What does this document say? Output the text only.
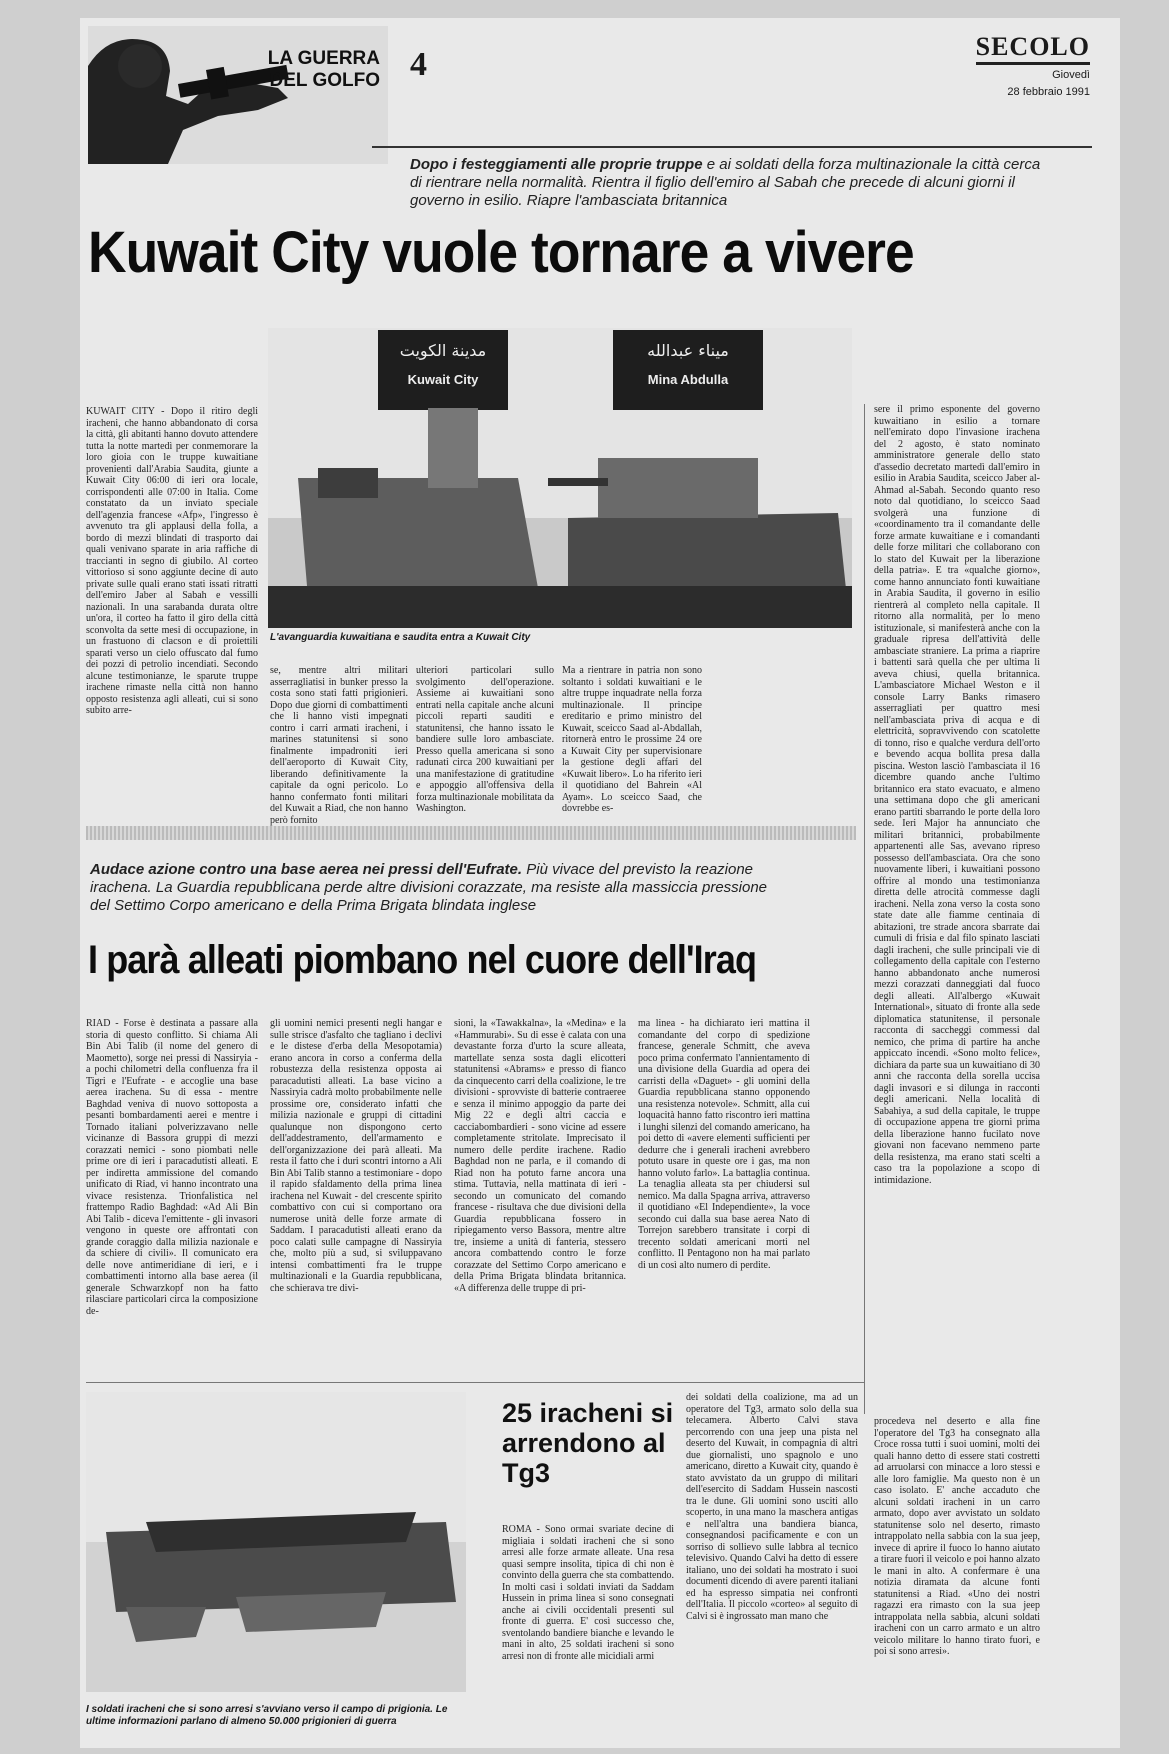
LA GUERRA DEL GOLFO 4	SECOLO
Giovedì
28 febbraio 1991
Dopo i festeggiamenti alle proprie truppe e ai soldati della forza multinazionale la città cerca di rientrare nella normalità. Rientra il figlio dell'emiro al Sabah che precede di alcuni giorni il governo in esilio. Riapre l'ambasciata britannica
Kuwait City vuole tornare a vivere
مدينة الكويت
Kuwait City
ميناء عبدالله
Mina Abdulla
L'avanguardia kuwaitiana e saudita entra a Kuwait City
KUWAIT CITY - Dopo il ritiro degli iracheni, che hanno abbandonato di corsa la città, gli abitanti hanno dovuto attendere tutta la notte martedì per conmemorare la loro gioia con le truppe kuwaitiane provenienti dall'Arabia Saudita, giunte a Kuwait City 06:00 di ieri ora locale, corrispondenti alle 07:00 in Italia. Come constatato da un inviato speciale dell'agenzia francese «Afp», l'ingresso è avvenuto tra gli applausi della folla, a bordo di mezzi blindati di trasporto dai quali venivano sparate in aria raffiche di traccianti in segno di giubilo. Al corteo vittorioso si sono aggiunte decine di auto private sulle quali erano stati issati ritratti dell'emiro Jaber al Sabah e vessilli nazionali. In una sarabanda durata oltre un'ora, il corteo ha fatto il giro della città sconvolta da sette mesi di occupazione, in un frastuono di clacson e di proiettili sparati verso un cielo offuscato dal fumo dei pozzi di petrolio incendiati. Secondo alcune testimonianze, le sparute truppe irachene rimaste nella città non hanno opposto resistenza agli alleati, cui si sono subito arre-
se, mentre altri militari asserragliatisi in bunker presso la costa sono stati fatti prigionieri. Dopo due giorni di combattimenti che li hanno visti impegnati contro i carri armati iracheni, i marines statunitensi si sono finalmente impadroniti ieri dell'aeroporto di Kuwait City, liberando definitivamente la capitale da ogni pericolo. Lo hanno confermato fonti militari del Kuwait a Riad, che non hanno però fornito
ulteriori particolari sullo svolgimento dell'operazione. Assieme ai kuwaitiani sono entrati nella capitale anche alcuni piccoli reparti sauditi e statunitensi, che hanno issato le bandiere sulle loro ambasciate. Presso quella americana si sono radunati circa 200 kuwaitiani per una manifestazione di gratitudine e appoggio all'offensiva della forza multinazionale mobilitata da Washington.
Ma a rientrare in patria non sono soltanto i soldati kuwaitiani e le altre truppe inquadrate nella forza multinazionale. Il principe ereditario e primo ministro del Kuwait, sceicco Saad al-Abdallah, ritornerà entro le prossime 24 ore a Kuwait City per supervisionare la gestione degli affari del «Kuwait libero». Lo ha riferito ieri il quotidiano del Bahrein «Al Ayam». Lo sceicco Saad, che dovrebbe es-
sere il primo esponente del governo kuwaitiano in esilio a tornare nell'emirato dopo l'invasione irachena del 2 agosto, è stato nominato amministratore generale dello stato d'assedio decretato martedì dall'emiro in esilio in Arabia Saudita, sceicco Jaber al-Ahmad al-Sabah. Secondo quanto reso noto dal quotidiano, lo sceicco Saad svolgerà una funzione di «coordinamento tra il comandante delle forze armate kuwaitiane e i comandanti delle forze militari che collaborano con lo stato del Kuwait per la liberazione della patria». E tra «qualche giorno», come hanno annunciato fonti kuwaitiane in Arabia Saudita, il governo in esilio rientrerà al completo nella capitale. Il ritorno alla normalità, per lo meno istituzionale, si manifesterà anche con la graduale ripresa dell'attività delle ambasciate straniere. La prima a riaprire i battenti sarà quella che per ultima li aveva chiusi, quella britannica. L'ambasciatore Michael Weston e il console Larry Banks rimasero asserragliati per quattro mesi nell'ambasciata priva di acqua e di elettricità, sopravvivendo con scatolette di tonno, riso e qualche verdura dell'orto e bevendo acqua bollita presa dalla piscina. Weston lasciò l'ambasciata il 16 dicembre quando anche l'ultimo britannico era stato evacuato, e almeno una settimana dopo che gli americani erano partiti sbarrando le porte della loro sede. Ieri Major ha annunciato che militari britannici, probabilmente appartenenti alle Sas, avevano ripreso possesso dell'ambasciata. Ora che sono nuovamente liberi, i kuwaitiani possono offrire al mondo una testimonianza diretta delle atrocità commesse dagli iracheni. Nella zona verso la costa sono state date alle fiamme centinaia di abitazioni, tre strade ancora sbarrate dai cumuli di frisia e dal filo spinato lasciati dagli iracheni, che sulle principali vie di collegamento della capitale con l'esterno hanno abbandonato anche numerosi mezzi corazzati danneggiati dal fuoco degli alleati. All'albergo «Kuwait International», situato di fronte alla sede diplomatica statunitense, il personale racconta di saccheggi commessi dal nemico, che prima di partire ha anche appiccato incendi. «Sono molto felice», dichiara da parte sua un kuwaitiano di 30 anni che racconta della sorella uccisa dagli invasori e si dilunga in racconti degli americani. Nella località di Sabahiya, a sud della capitale, le truppe di occupazione appena tre giorni prima della liberazione hanno fucilato nove giovani non facevano nemmeno parte della resistenza, ma erano stati scelti a caso tra la popolazione a scopo di intimidazione.
Audace azione contro una base aerea nei pressi dell'Eufrate. Più vivace del previsto la reazione irachena. La Guardia repubblicana perde altre divisioni corazzate, ma resiste alla massiccia pressione del Settimo Corpo americano e della Prima Brigata blindata inglese
I parà alleati piombano nel cuore dell'Iraq
RIAD - Forse è destinata a passare alla storia di questo conflitto. Si chiama Ali Bin Abi Talib (il nome del genero di Maometto), sorge nei pressi di Nassiryia - a pochi chilometri della confluenza fra il Tigri e l'Eufrate - e accoglie una base aerea irachena. Su di essa - mentre Baghdad veniva di nuovo sottoposta a pesanti bombardamenti aerei e mentre i Tornado italiani polverizzavano nelle vicinanze di Bassora gruppi di mezzi corazzati nemici - sono piombati nelle prime ore di ieri i paracadutisti alleati. E per indiretta ammissione del comando unificato di Riad, vi hanno incontrato una vivace resistenza. Trionfalistica nel frattempo Radio Baghdad: «Ad Ali Bin Abi Talib - diceva l'emittente - gli invasori vengono in queste ore affrontati con grande coraggio dalla milizia nazionale e da schiere di civili». Il comunicato era delle nove antimeridiane di ieri, e i combattimenti intorno alla base aerea (il generale Schwarzkopf non ha fatto rilasciare particolari circa la composizione de-
gli uomini nemici presenti negli hangar e sulle strisce d'asfalto che tagliano i declivi e le distese d'erba della Mesopotamia) erano ancora in corso a conferma della robustezza della resistenza opposta ai paracadutisti alleati. La base vicino a Nassiryia cadrà molto probabilmente nelle prossime ore, considerato infatti che milizia nazionale e gruppi di cittadini qualunque non dispongono certo dell'addestramento, dell'armamento e dell'organizzazione dei parà alleati. Ma resta il fatto che i duri scontri intorno a Ali Bin Abi Talib stanno a testimoniare - dopo il rapido sfaldamento della prima linea irachena nel Kuwait - del crescente spirito combattivo con cui si comportano ora numerose unità delle forze armate di Saddam. I paracadutisti alleati erano da poco calati sulle campagne di Nassiryia che, molto più a sud, si sviluppavano intensi combattimenti fra le truppe multinazionali e la Guardia repubblicana, che schierava tre divi-
sioni, la «Tawakkalna», la «Medina» e la «Hammurabi». Su di esse è calata con una devastante forza d'urto la scure alleata, martellate senza sosta dagli elicotteri statunitensi «Abrams» e presso di fianco da cinquecento carri della coalizione, le tre divisioni - sprovviste di batterie contraeree e senza il minimo appoggio da parte dei Mig 22 e degli altri caccia e cacciabombardieri - sono vicine ad essere completamente stritolate. Imprecisato il numero delle perdite irachene. Radio Baghdad non ne parla, e il comando di Riad non ha potuto farne ancora una stima. Tuttavia, nella mattinata di ieri - secondo un comunicato del comando francese - risultava che due divisioni della Guardia repubblicana fossero in ripiegamento verso Bassora, mentre altre tre, insieme a unità di fanteria, stessero ancora combattendo contro le forze corazzate del Settimo Corpo americano e della Prima Brigata blindata britannica. «A differenza delle truppe di pri-
ma linea - ha dichiarato ieri mattina il comandante del corpo di spedizione francese, generale Schmitt, che aveva poco prima confermato l'annientamento di una divisione della Guardia ad opera dei carristi della «Daguet» - gli uomini della Guardia repubblicana stanno opponendo una resistenza notevole». Schmitt, alla cui loquacità hanno fatto riscontro ieri mattina i lunghi silenzi del comando americano, ha poi detto di «avere elementi sufficienti per dedurre che i generali iracheni avrebbero potuto usare in queste ore i gas, ma non hanno voluto farlo». La battaglia continua. La tenaglia alleata sta per chiudersi sul nemico. Ma dalla Spagna arriva, attraverso il quotidiano «El Independiente», la voce secondo cui dalla sua base aerea Nato di Torrejon sarebbero transitate i corpi di trecento soldati americani morti nel conflitto. Il Pentagono non ha mai parlato di un così alto numero di perdite.
I soldati iracheni che si sono arresi s'avviano verso il campo di prigionia. Le ultime informazioni parlano di almeno 50.000 prigionieri di guerra
25 iracheni si arrendono al Tg3
ROMA - Sono ormai svariate decine di migliaia i soldati iracheni che si sono arresi alle forze armate alleate. Una resa quasi sempre insolita, tipica di chi non è convinto della guerra che sta combattendo. In molti casi i soldati inviati da Saddam Hussein in prima linea si sono consegnati anche ai civili occidentali presenti sul fronte di guerra. E' così successo che, sventolando bandiere bianche e levando le mani in alto, 25 soldati iracheni si sono arresi non di fronte alle micidiali armi
dei soldati della coalizione, ma ad un operatore del Tg3, armato solo della sua telecamera. Alberto Calvi stava percorrendo con una jeep una pista nel deserto del Kuwait, in compagnia di altri due giornalisti, uno spagnolo e uno americano, diretto a Kuwait city, quando è stato avvistato da un gruppo di militari dell'esercito di Saddam Hussein nascosti tra le dune. Gli uomini sono usciti allo scoperto, in una mano la maschera antigas e nell'altra una bandiera bianca, consegnandosi pacificamente e con un sorriso di sollievo sulle labbra al tecnico televisivo. Quando Calvi ha detto di essere italiano, uno dei soldati ha mostrato i suoi documenti dicendo di avere parenti italiani ed ha espresso simpatia nei confronti dell'Italia. Il piccolo «corteo» al seguito di Calvi si è ingrossato man mano che
procedeva nel deserto e alla fine l'operatore del Tg3 ha consegnato alla Croce rossa tutti i suoi uomini, molti dei quali hanno detto di essere stati costretti ad arruolarsi con minacce a loro stessi e alle loro famiglie. Ma questo non è un caso isolato. E' anche accaduto che alcuni soldati iracheni in un carro armato, dopo aver avvistato un soldato statunitense solo nel deserto, rimasto intrappolato nella sabbia con la sua jeep, invece di aprire il fuoco lo hanno aiutato a tirare fuori il veicolo e poi hanno alzato le mani in alto. A confermare è una notizia diramata da alcune fonti statunitensi a Riad. «Uno dei nostri ragazzi era rimasto con la sua jeep intrappolata nella sabbia, alcuni soldati iracheni con un carro armato e un altro veicolo militare lo hanno tirato fuori, e poi si sono arresi».
